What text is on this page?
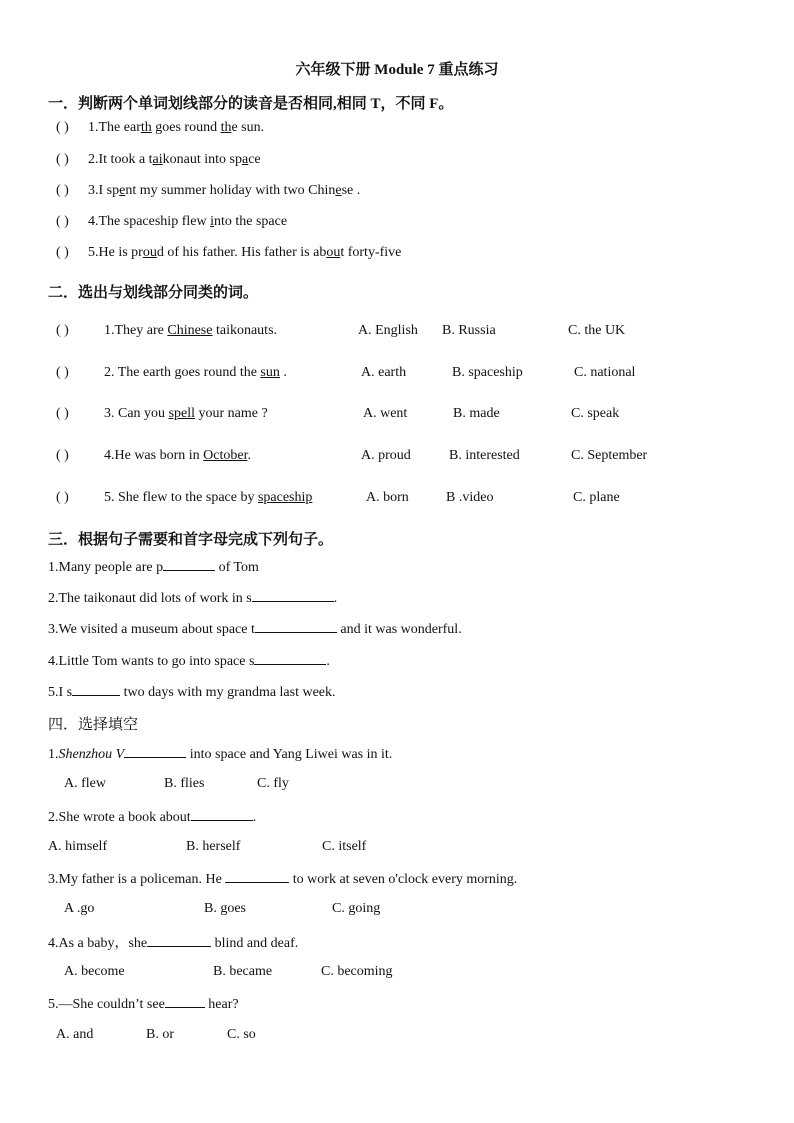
六年级下册 Module 7 重点练习
一．判断两个单词划线部分的读音是否相同,相同 T，不同 F。
( ) 1.The earth goes round the sun.
( ) 2.It took a taikonaut into space
( ) 3.I spent my summer holiday with two Chinese .
( ) 4.The spaceship flew into the space
( ) 5.He is proud of his father. His father is about forty-five
二．选出与划线部分同类的词。
( )	1.They are Chinese taikonauts.	A. English B. Russia	C. the UK
( )	2. The earth goes round the sun .	A. earth	B. spaceship	C. national
( )	3. Can you spell your name ?	A. went	B. made	C. speak
( )	4.He was born in October.	A. proud	B. interested	C. September
( )	5. She flew to the space by spaceship	A. born	B .video	C. plane
三．根据句子需要和首字母完成下列句子。
1.Many people are p	of Tom
2.The taikonaut did lots of work in s	.
3.We visited a museum about space t	and it was wonderful.
4.Little Tom wants to go into space s	.
5.I s	two days with my grandma last week.
四．选择填空
1.Shenzhou V	into space and Yang Liwei was in it.
A. flew	B. flies	C. fly
2.She wrote a book about	.
A. himself	B. herself	C. itself
3.My father is a policeman. He	to work at seven o'clock every morning.
A .go	B. goes	C. going
4.As a baby，she	blind and deaf.
A. become	B. became	C. becoming
5.—She couldn’t see	hear?
A. and	B. or	C. so
